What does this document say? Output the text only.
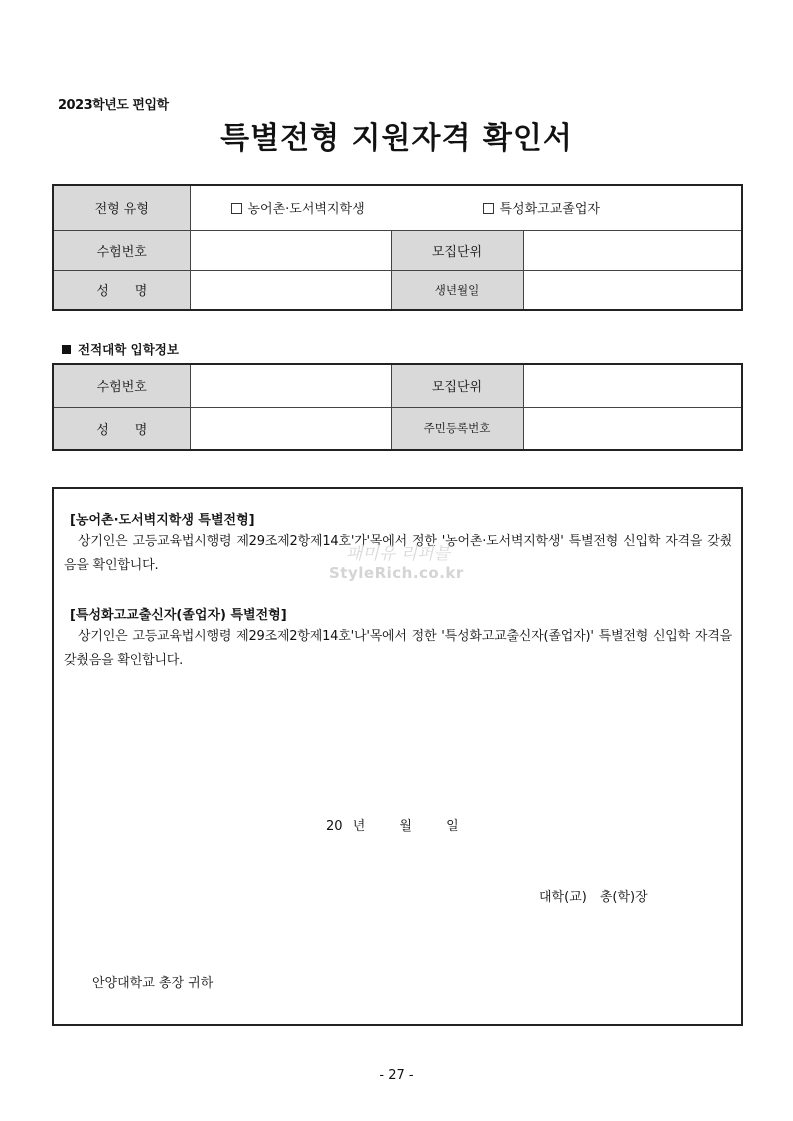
2023학년도 편입학
특별전형 지원자격 확인서
전형 유형	농어촌·도서벽지학생 특성화고교졸업자		
수험번호		모집단위	
성　　명		생년월일	
전적대학 입학정보
수험번호		모집단위	
성　　명		주민등록번호	
[농어촌·도서벽지학생 특별전형]
상기인은 고등교육법시행령 제29조제2항제14호'가'목에서 정한 '농어촌·도서벽지학생' 특별전형 신입학 자격을 갖췄음을 확인합니다.
패미유 리퍼블
StyleRich.co.kr
[특성화고교출신자(졸업자) 특별전형]
상기인은 고등교육법시행령 제29조제2항제14호'나'목에서 정한 '특성화고교출신자(졸업자)' 특별전형 신입학 자격을 갖췄음을 확인합니다.
20 년	월	일
대학(교)　총(학)장
안양대학교 총장 귀하
- 27 -
